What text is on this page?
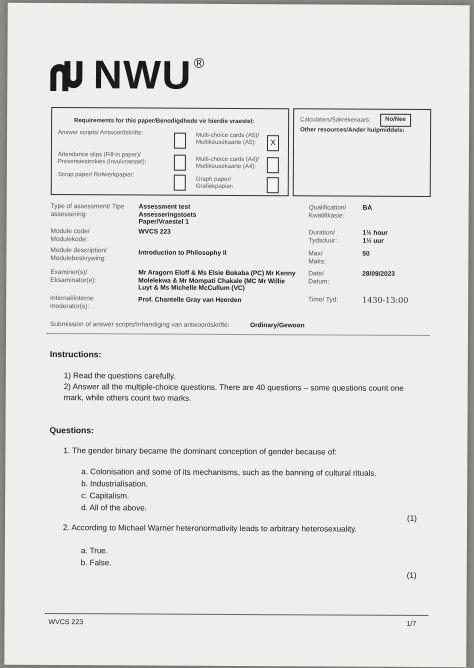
NWU ®
Requirements for this paper/Benodigdhede vir hierdie vraestel:
Answer scripts/ Antwoordskrifte:	Multi-choice cards (A5)/ Multikeusekaarte (A5):	X
Attendance slips (Fill-in paper)/ Presensiestrokies (Invulvraestel):	Multi-choice cards (A4)/ Multikeusekaarte (A4):
Scrap paper/ Rofwerkpapier:
Graph paper/ Grafiekpapier:
Calculators/Sakrekenaars:	No/Nee
Other resources/Ander hulpmiddels:
Type of assessment/ Tipe assessering:
Assessment test Assesseringstoets Paper/Vraestel 1
Module code/ Modulekode:
WVCS 223
Module description/ Modulebeskrywing:
Introduction to Philosophy II
Examiner(s)/ Eksaminator(e):
Mr Aragorn Eloff & Ms Elsie Bokaba (PC) Mr Kenny Molelekwa & Mr Mompati Chakale (MC Mr Willie Luyt & Ms Michelle McCullum (VC)
Internal/interne moderator(s):
Prof. Chantelle Gray van Heerden
Qualification/ Kwalifikasie:
BA
Duration/ Tydsduur:
1½ hour 1½ uur
Max/ Maks:
50
Date/ Datum:
28/09/2023
Time/ Tyd:	1430-13:00
Submission of answer scripts/Inhandiging van antwoordskrifte:	Ordinary/Gewoon
Instructions:
1) Read the questions carefully.
2) Answer all the multiple-choice questions. There are 40 questions – some questions count one mark, while others count two marks.
Questions:
1. The gender binary became the dominant conception of gender because of:
a. Colonisation and some of its mechanisms, such as the banning of cultural rituals.
b. Industrialisation.
c. Capitalism.
d. All of the above.
(1)
2. According to Michael Warner heteronormativity leads to arbitrary heterosexuality.
a. True.
b. False.
(1)
WVCS 223	1/7
